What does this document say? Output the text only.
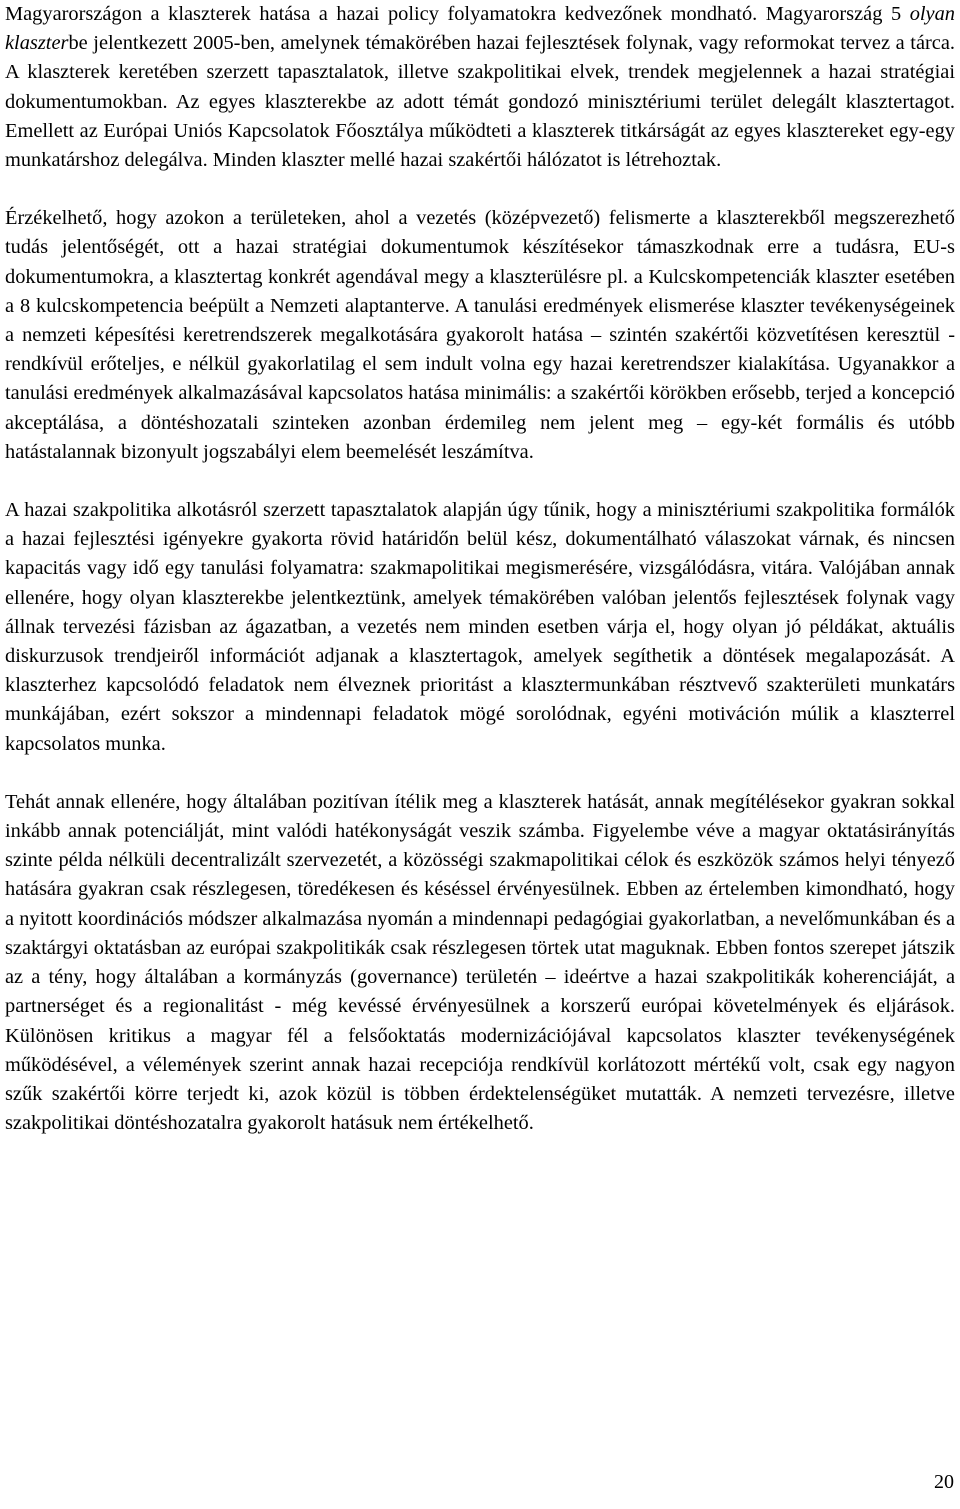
Magyarországon a klaszterek hatása a hazai policy folyamatokra kedvezőnek mondható. Magyarország 5 olyan klaszterbe jelentkezett 2005-ben, amelynek témakörében hazai fejlesztések folynak, vagy reformokat tervez a tárca. A klaszterek keretében szerzett tapasztalatok, illetve szakpolitikai elvek, trendek megjelennek a hazai stratégiai dokumentumokban. Az egyes klaszterekbe az adott témát gondozó minisztériumi terület delegált klasztertagot. Emellett az Európai Uniós Kapcsolatok Főosztálya működteti a klaszterek titkárságát az egyes klasztereket egy-egy munkatárshoz delegálva. Minden klaszter mellé hazai szakértői hálózatot is létrehoztak.

Érzékelhető, hogy azokon a területeken, ahol a vezetés (középvezető) felismerte a klaszterekből megszerezhető tudás jelentőségét, ott a hazai stratégiai dokumentumok készítésekor támaszkodnak erre a tudásra, EU-s dokumentumokra, a klasztertag konkrét agendával megy a klaszterülésre pl. a Kulcskompetenciák klaszter esetében a 8 kulcskompetencia beépült a Nemzeti alaptanterve. A tanulási eredmények elismerése klaszter tevékenységeinek a nemzeti képesítési keretrendszerek megalkotására gyakorolt hatása – szintén szakértői közvetítésen keresztül - rendkívül erőteljes, e nélkül gyakorlatilag el sem indult volna egy hazai keretrendszer kialakítása. Ugyanakkor a tanulási eredmények alkalmazásával kapcsolatos hatása minimális: a szakértői körökben erősebb, terjed a koncepció akceptálása, a döntéshozatali szinteken azonban érdemileg nem jelent meg – egy-két formális és utóbb hatástalannak bizonyult jogszabályi elem beemelését leszámítva.

A hazai szakpolitika alkotásról szerzett tapasztalatok alapján úgy tűnik, hogy a minisztériumi szakpolitika formálók a hazai fejlesztési igényekre gyakorta rövid határidőn belül kész, dokumentálható válaszokat várnak, és nincsen kapacitás vagy idő egy tanulási folyamatra: szakmapolitikai megismerésére, vizsgálódásra, vitára. Valójában annak ellenére, hogy olyan klaszterekbe jelentkeztünk, amelyek témakörében valóban jelentős fejlesztések folynak vagy állnak tervezési fázisban az ágazatban, a vezetés nem minden esetben várja el, hogy olyan jó példákat, aktuális diskurzusok trendjeiről információt adjanak a klasztertagok, amelyek segíthetik a döntések megalapozását. A klaszterhez kapcsolódó feladatok nem élveznek prioritást a klasztermunkában résztvevő szakterületi munkatárs munkájában, ezért sokszor a mindennapi feladatok mögé sorolódnak, egyéni motiváción múlik a klaszterrel kapcsolatos munka.

Tehát annak ellenére, hogy általában pozitívan ítélik meg a klaszterek hatását, annak megítélésekor gyakran sokkal inkább annak potenciálját, mint valódi hatékonyságát veszik számba. Figyelembe véve a magyar oktatásirányítás szinte példa nélküli decentralizált szervezetét, a közösségi szakmapolitikai célok és eszközök számos helyi tényező hatására gyakran csak részlegesen, töredékesen és késéssel érvényesülnek. Ebben az értelemben kimondható, hogy a nyitott koordinációs módszer alkalmazása nyomán a mindennapi pedagógiai gyakorlatban, a nevelőmunkában és a szaktárgyi oktatásban az európai szakpolitikák csak részlegesen törtek utat maguknak. Ebben fontos szerepet játszik az a tény, hogy általában a kormányzás (governance) területén – ideértve a hazai szakpolitikák koherenciáját, a partnerséget és a regionalitást - még kevéssé érvényesülnek a korszerű európai követelmények és eljárások. Különösen kritikus a magyar fél a felsőoktatás modernizációjával kapcsolatos klaszter tevékenységének működésével, a vélemények szerint annak hazai recepciója rendkívül korlátozott mértékű volt, csak egy nagyon szűk szakértői körre terjedt ki, azok közül is többen érdektelenségüket mutatták. A nemzeti tervezésre, illetve szakpolitikai döntéshozatalra gyakorolt hatásuk nem értékelhető.

20
